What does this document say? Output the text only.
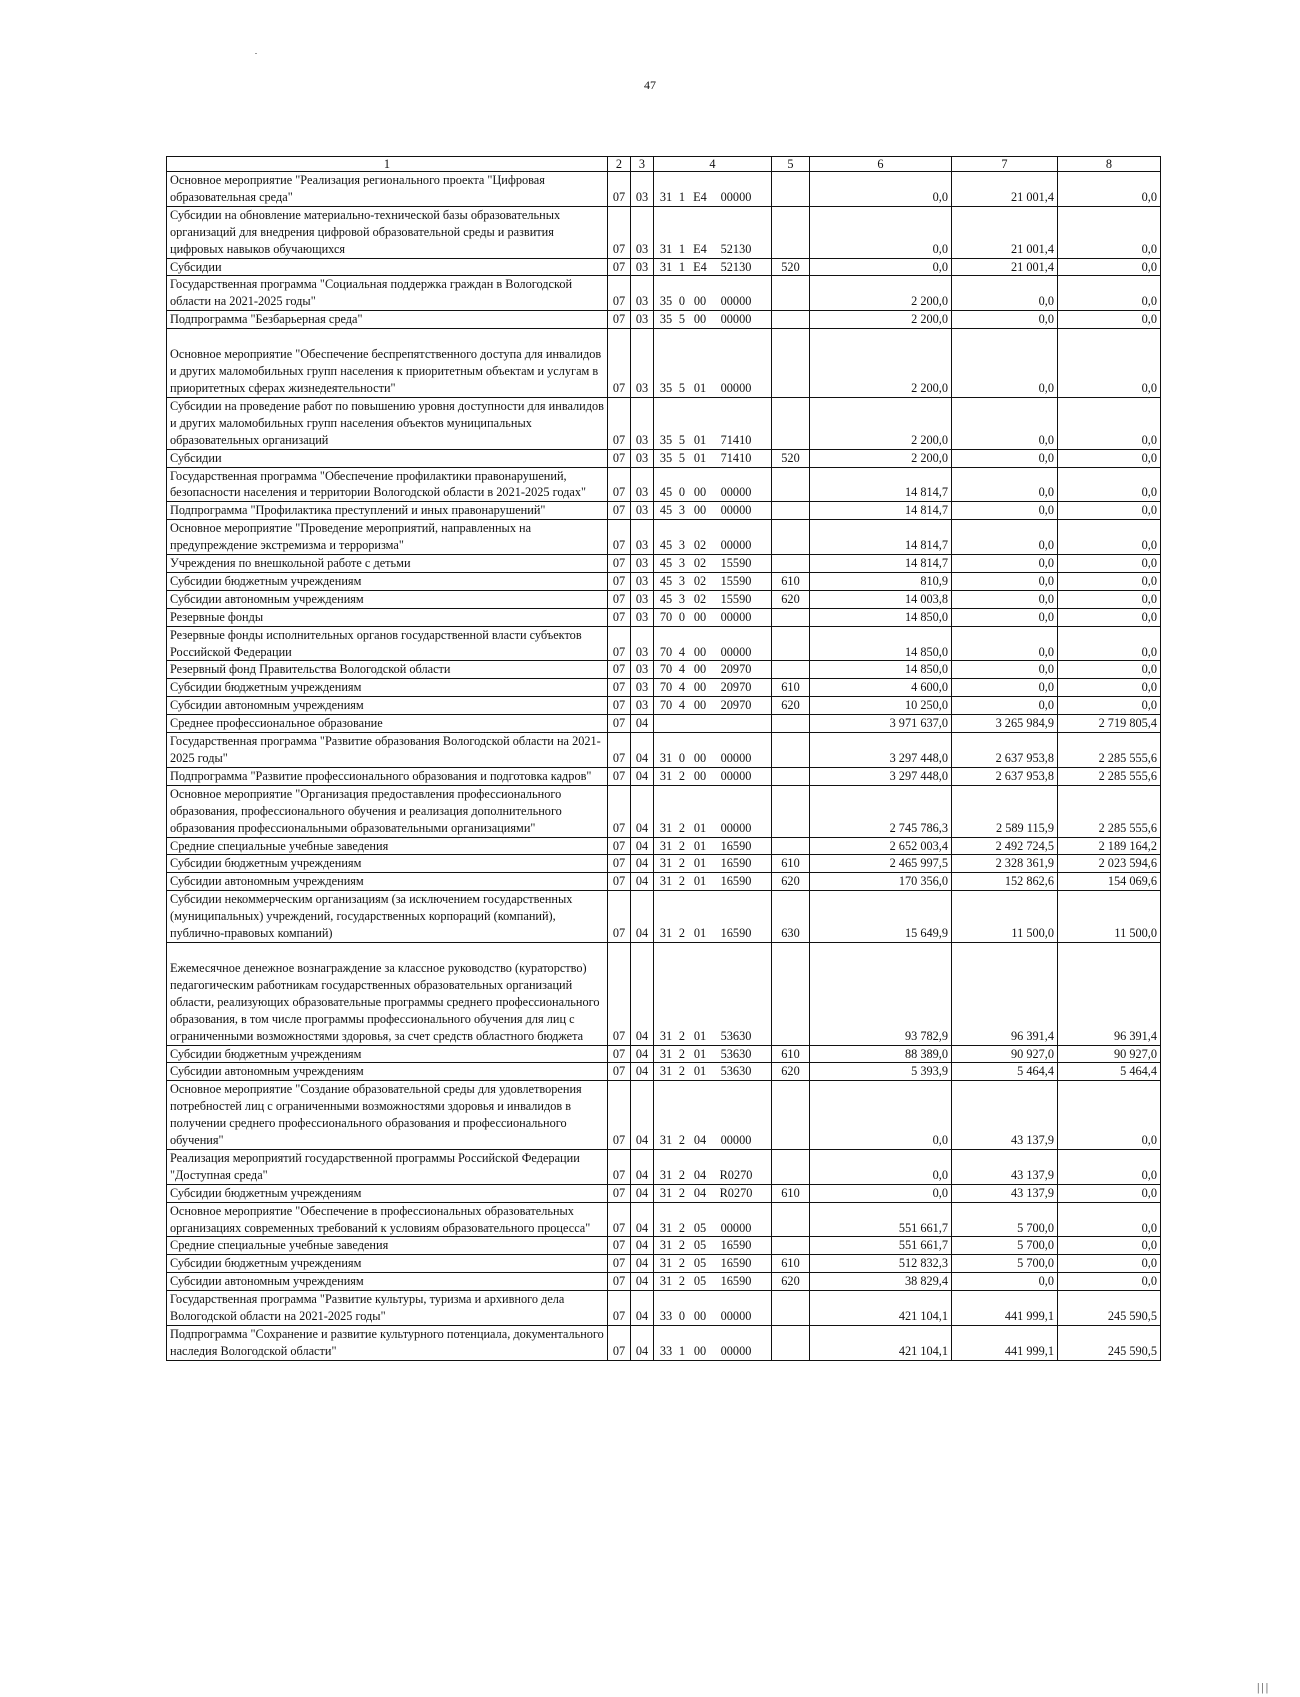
47
1	2	3	4	5	6	7	8
Основное мероприятие "Реализация регионального проекта "Цифровая образовательная среда"	07	03	31 1 E4 00000		0,0	21 001,4	0,0
Субсидии на обновление материально-технической базы образовательных организаций для внедрения цифровой образовательной среды и развития цифровых навыков обучающихся	07	03	31 1 E4 52130		0,0	21 001,4	0,0
Субсидии	07	03	31 1 E4 52130	520	0,0	21 001,4	0,0
Государственная программа "Социальная поддержка граждан в Вологодской области на 2021-2025 годы"	07	03	35 0 00 00000		2 200,0	0,0	0,0
Подпрограмма "Безбарьерная среда"	07	03	35 5 00 00000		2 200,0	0,0	0,0

Основное мероприятие "Обеспечение беспрепятственного доступа для инвалидов и других маломобильных групп населения к приоритетным объектам и услугам в приоритетных сферах жизнедеятельности"	07	03	35 5 01 00000		2 200,0	0,0	0,0
Субсидии на проведение работ по повышению уровня доступности для инвалидов и других маломобильных групп населения объектов муниципальных образовательных организаций	07	03	35 5 01 71410		2 200,0	0,0	0,0
Субсидии	07	03	35 5 01 71410	520	2 200,0	0,0	0,0
Государственная программа "Обеспечение профилактики правонарушений, безопасности населения и территории Вологодской области в 2021-2025 годах"	07	03	45 0 00 00000		14 814,7	0,0	0,0
Подпрограмма "Профилактика преступлений и иных правонарушений"	07	03	45 3 00 00000		14 814,7	0,0	0,0
Основное мероприятие "Проведение мероприятий, направленных на предупреждение экстремизма и терроризма"	07	03	45 3 02 00000		14 814,7	0,0	0,0
Учреждения по внешкольной работе с детьми	07	03	45 3 02 15590		14 814,7	0,0	0,0
Субсидии бюджетным учреждениям	07	03	45 3 02 15590	610	810,9	0,0	0,0
Субсидии автономным учреждениям	07	03	45 3 02 15590	620	14 003,8	0,0	0,0
Резервные фонды	07	03	70 0 00 00000		14 850,0	0,0	0,0
Резервные фонды исполнительных органов государственной власти субъектов Российской Федерации	07	03	70 4 00 00000		14 850,0	0,0	0,0
Резервный фонд Правительства Вологодской области	07	03	70 4 00 20970		14 850,0	0,0	0,0
Субсидии бюджетным учреждениям	07	03	70 4 00 20970	610	4 600,0	0,0	0,0
Субсидии автономным учреждениям	07	03	70 4 00 20970	620	10 250,0	0,0	0,0
Среднее профессиональное образование	07	04			3 971 637,0	3 265 984,9	2 719 805,4
Государственная программа "Развитие образования Вологодской области на 2021-2025 годы"	07	04	31 0 00 00000		3 297 448,0	2 637 953,8	2 285 555,6
Подпрограмма "Развитие профессионального образования и подготовка кадров"	07	04	31 2 00 00000		3 297 448,0	2 637 953,8	2 285 555,6
Основное мероприятие "Организация предоставления профессионального образования, профессионального обучения и реализация дополнительного образования профессиональными образовательными организациями"	07	04	31 2 01 00000		2 745 786,3	2 589 115,9	2 285 555,6
Средние специальные учебные заведения	07	04	31 2 01 16590		2 652 003,4	2 492 724,5	2 189 164,2
Субсидии бюджетным учреждениям	07	04	31 2 01 16590	610	2 465 997,5	2 328 361,9	2 023 594,6
Субсидии автономным учреждениям	07	04	31 2 01 16590	620	170 356,0	152 862,6	154 069,6
Субсидии некоммерческим организациям (за исключением государственных (муниципальных) учреждений, государственных корпораций (компаний), публично-правовых компаний)	07	04	31 2 01 16590	630	15 649,9	11 500,0	11 500,0

Ежемесячное денежное вознаграждение за классное руководство (кураторство) педагогическим работникам государственных образовательных организаций области, реализующих образовательные программы среднего профессионального образования, в том числе программы профессионального обучения для лиц с ограниченными возможностями здоровья, за счет средств областного бюджета	07	04	31 2 01 53630		93 782,9	96 391,4	96 391,4
Субсидии бюджетным учреждениям	07	04	31 2 01 53630	610	88 389,0	90 927,0	90 927,0
Субсидии автономным учреждениям	07	04	31 2 01 53630	620	5 393,9	5 464,4	5 464,4
Основное мероприятие "Создание образовательной среды для удовлетворения потребностей лиц с ограниченными возможностями здоровья и инвалидов в получении среднего профессионального образования и профессионального обучения"	07	04	31 2 04 00000		0,0	43 137,9	0,0
Реализация мероприятий государственной программы Российской Федерации "Доступная среда"	07	04	31 2 04 R0270		0,0	43 137,9	0,0
Субсидии бюджетным учреждениям	07	04	31 2 04 R0270	610	0,0	43 137,9	0,0
Основное мероприятие "Обеспечение в профессиональных образовательных организациях современных требований к условиям образовательного процесса"	07	04	31 2 05 00000		551 661,7	5 700,0	0,0
Средние специальные учебные заведения	07	04	31 2 05 16590		551 661,7	5 700,0	0,0
Субсидии бюджетным учреждениям	07	04	31 2 05 16590	610	512 832,3	5 700,0	0,0
Субсидии автономным учреждениям	07	04	31 2 05 16590	620	38 829,4	0,0	0,0
Государственная программа "Развитие культуры, туризма и архивного дела Вологодской области на 2021-2025 годы"	07	04	33 0 00 00000		421 104,1	441 999,1	245 590,5
Подпрограмма "Сохранение и развитие культурного потенциала, документального наследия Вологодской области"	07	04	33 1 00 00000		421 104,1	441 999,1	245 590,5
|||
